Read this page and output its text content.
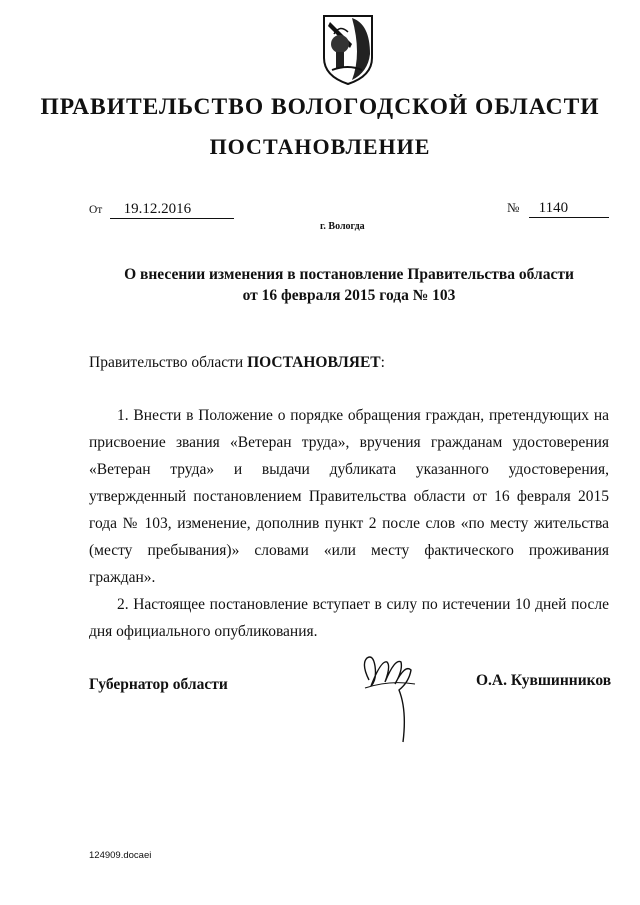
ПРАВИТЕЛЬСТВО ВОЛОГОДСКОЙ ОБЛАСТИ
ПОСТАНОВЛЕНИЕ
От 19.12.2016	№ 1140
г. Вологда
О внесении изменения в постановление Правительства области
от 16 февраля 2015 года № 103
Правительство области ПОСТАНОВЛЯЕТ:

1. Внести в Положение о порядке обращения граждан, претендующих на присвоение звания «Ветеран труда», вручения гражданам удостоверения «Ветеран труда» и выдачи дубликата указанного удостоверения, утвержденный постановлением Правительства области от 16 февраля 2015 года № 103, изменение, дополнив пункт 2 после слов «по месту жительства (месту пребывания)» словами «или месту фактического проживания граждан».

2. Настоящее постановление вступает в силу по истечении 10 дней после дня официального опубликования.

Губернатор области	О.А. Кувшинников
124909.docaei
